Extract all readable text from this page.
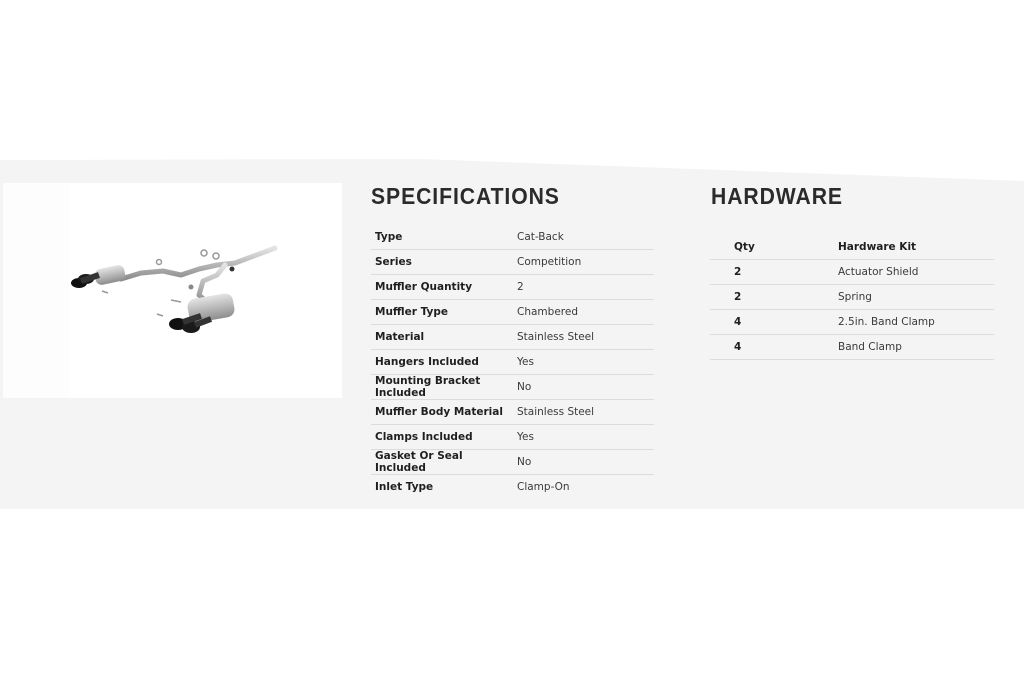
SPECIFICATIONS
Type	Cat-Back
Series	Competition
Muffler Quantity	2
Muffler Type	Chambered
Material	Stainless Steel
Hangers Included	Yes
Mounting Bracket Included	No
Muffler Body Material	Stainless Steel
Clamps Included	Yes
Gasket Or Seal Included	No
Inlet Type	Clamp-On
HARDWARE
Qty	Hardware Kit
2	Actuator Shield
2	Spring
4	2.5in. Band Clamp
4	Band Clamp
